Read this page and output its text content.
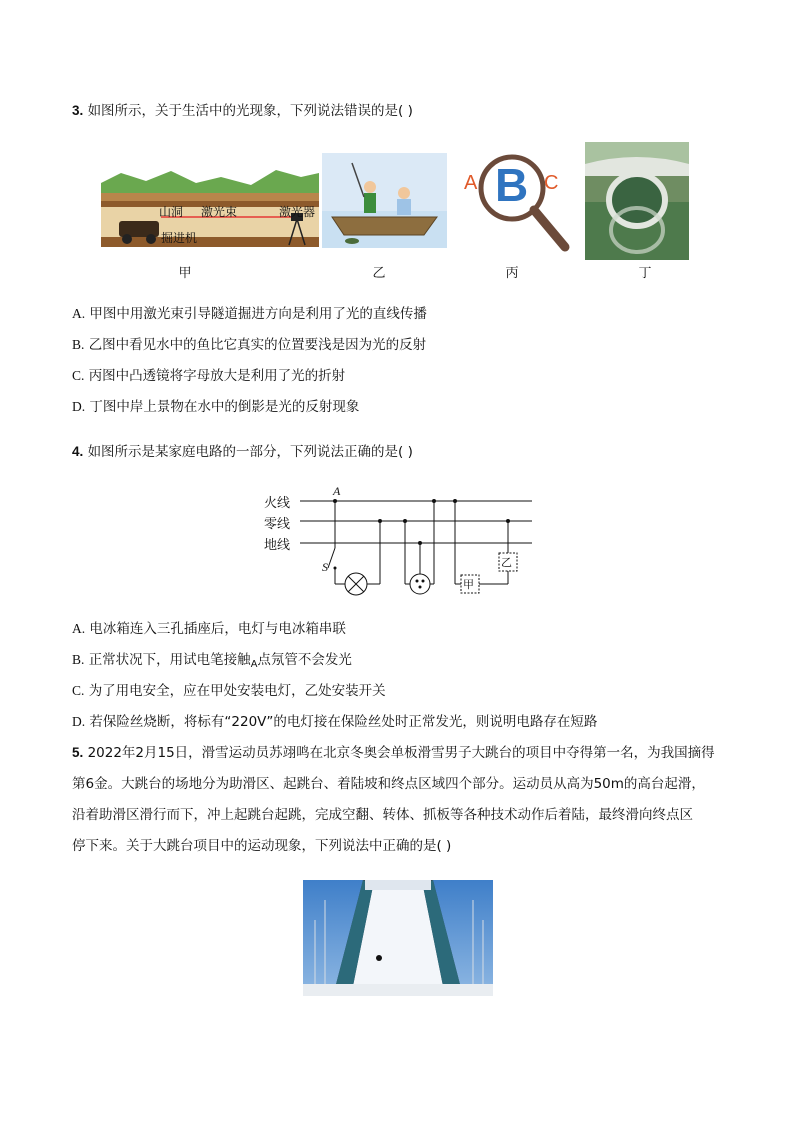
3. 如图所示，关于生活中的光现象，下列说法错误的是( )
山洞 激光束	激光器
掘进机
甲	乙
A B C
丙	丁
A. 甲图中用激光束引导隧道掘进方向是利用了光的直线传播
B. 乙图中看见水中的鱼比它真实的位置要浅是因为光的反射
C. 丙图中凸透镜将字母放大是利用了光的折射
D. 丁图中岸上景物在水中的倒影是光的反射现象
4. 如图所示是某家庭电路的一部分，下列说法正确的是( )
火线
零线
地线
A
S
甲
乙
A. 电冰箱连入三孔插座后，电灯与电冰箱串联
B. 正常状况下，用试电笔接触$_A$点氖管不会发光
C. 为了用电安全，应在甲处安装电灯，乙处安装开关
D. 若保险丝烧断，将标有“220V”的电灯接在保险丝处时正常发光，则说明电路存在短路
5. 2022年2月15日，滑雪运动员苏翊鸣在北京冬奥会单板滑雪男子大跳台的项目中夺得第一名，为我国摘得
第6金。大跳台的场地分为助滑区、起跳台、着陆坡和终点区域四个部分。运动员从高为50m的高台起滑，
沿着助滑区滑行而下，冲上起跳台起跳，完成空翻、转体、抓板等各种技术动作后着陆，最终滑向终点区
停下来。关于大跳台项目中的运动现象，下列说法中正确的是( )
